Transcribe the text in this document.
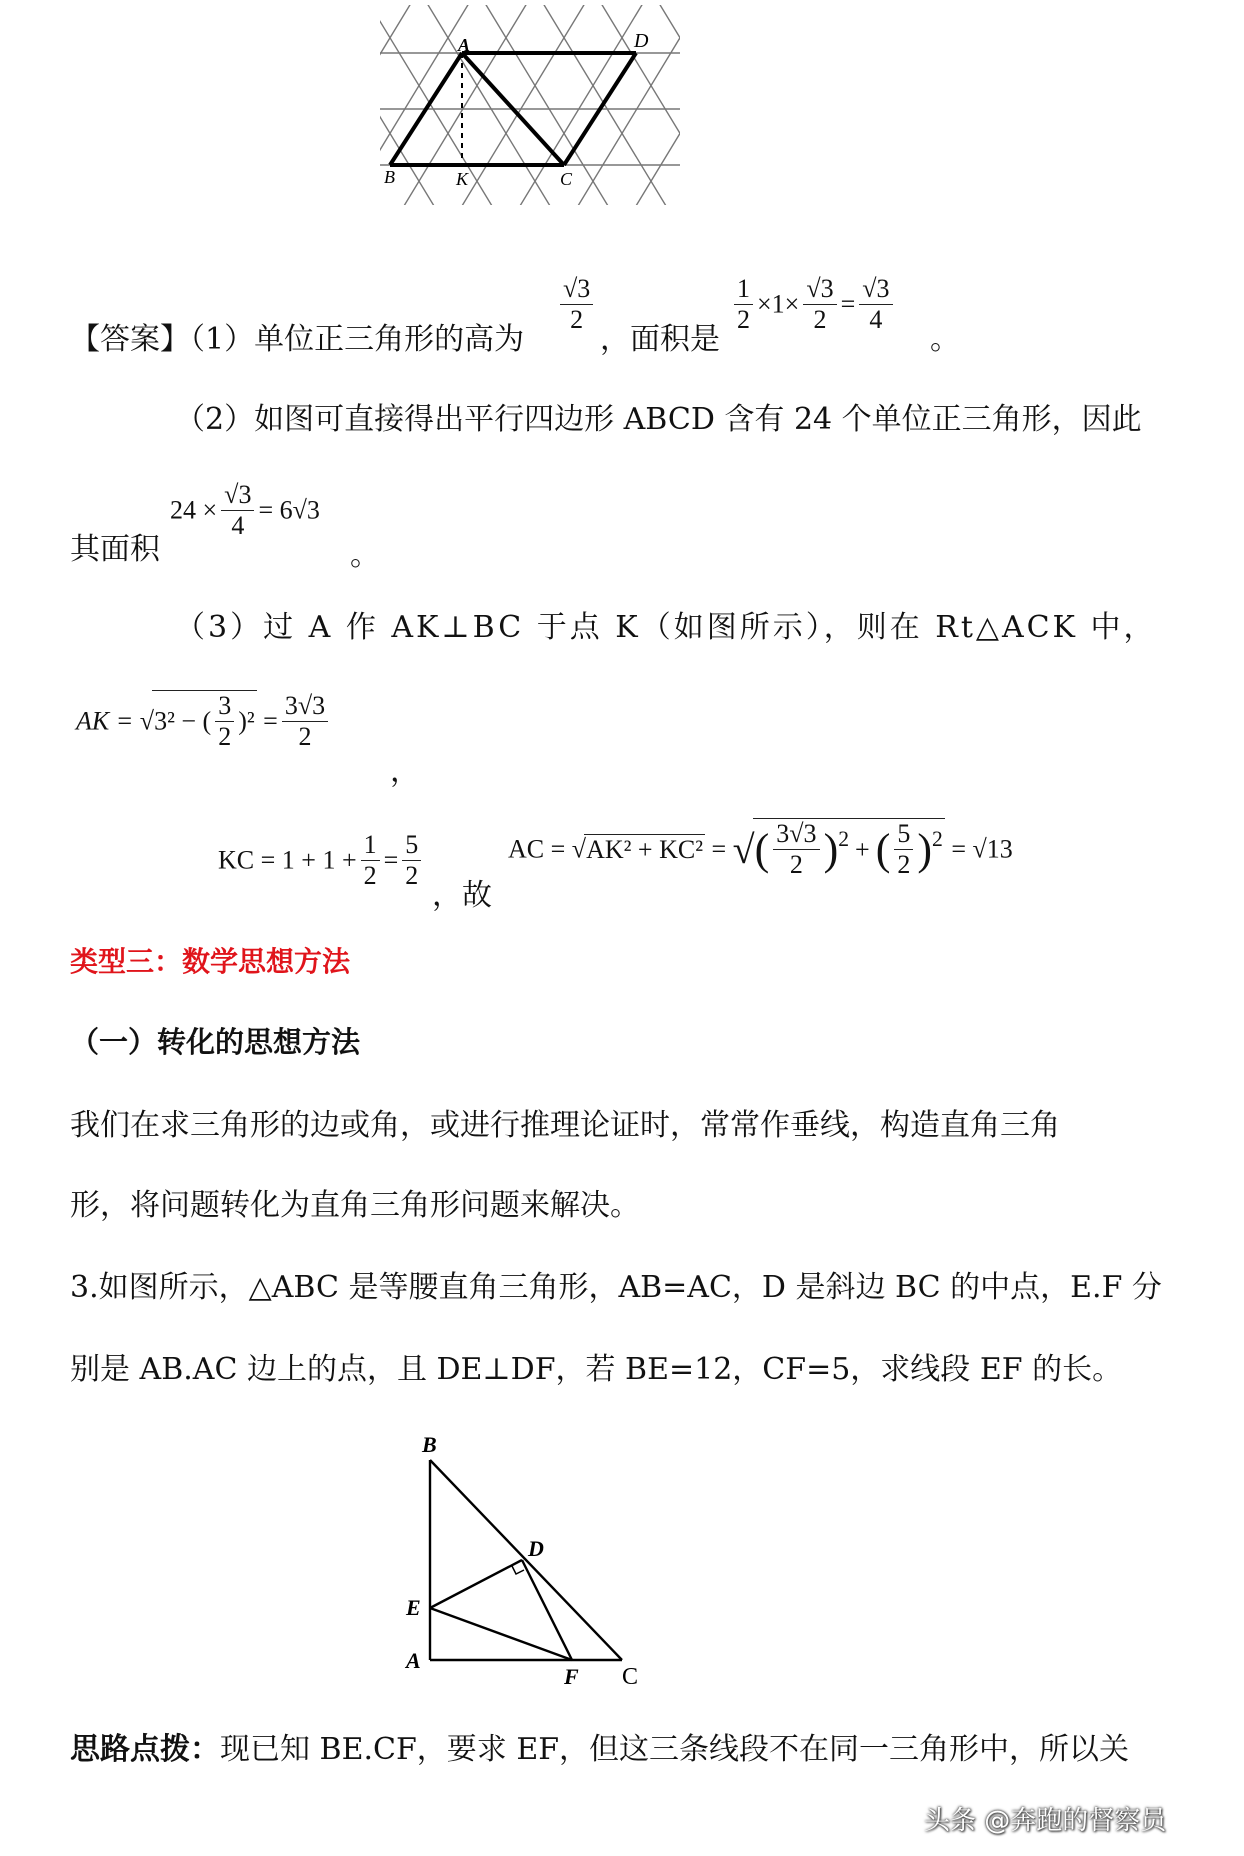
A	D
B	K	C
【答案】（1）单位正三角形的高为
$\frac{√3}{2}$
，面积是
$\frac{1}{2} \times 1\times \frac{√3}{2} = \frac{√3}{4}$
。
（2）如图可直接得出平行四边形 ABCD 含有 24 个单位正三角形，因此
其面积
$24 \times \frac{√3}{4} = 6√3$
。
（3）过 A 作 AK⊥BC 于点 K（如图所示），则在 Rt△ACK 中，
AK = √3² − ( $\frac{3}{2} )^2 = \frac{3√3}{2}$
，
KC = $1 + 1 + \frac{1}{2} = \frac{5}{2}$
，故
AC = √AK² + KC² = √( $\frac{3√3}{2} )^2$ + ( $\frac{5}{2} )^2 = √13$
类型三：数学思想方法
（一）转化的思想方法
我们在求三角形的边或角，或进行推理论证时，常常作垂线，构造直角三角
形，将问题转化为直角三角形问题来解决。
3.如图所示，△ABC 是等腰直角三角形，AB=AC，D 是斜边 BC 的中点，E.F 分
别是 AB.AC 边上的点，且 DE⊥DF，若 BE=12，CF=5，求线段 EF 的长。
B
D
E
A
F C
思路点拨：现已知 BE.CF，要求 EF，但这三条线段不在同一三角形中，所以关
头条 @奔跑的督察员
